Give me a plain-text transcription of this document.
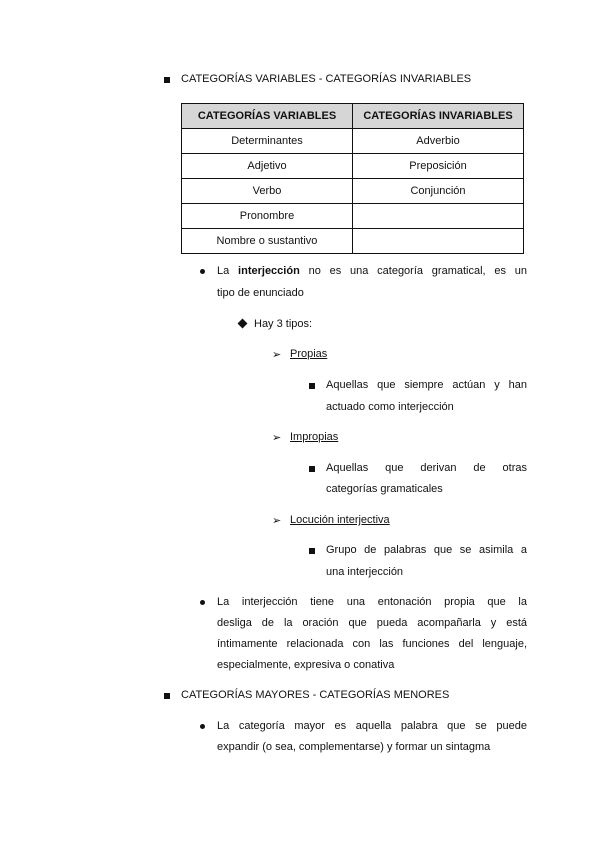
CATEGORÍAS VARIABLES - CATEGORÍAS INVARIABLES
CATEGORÍAS VARIABLES	CATEGORÍAS INVARIABLES
Determinantes	Adverbio
Adjetivo	Preposición
Verbo	Conjunción
Pronombre	
Nombre o sustantivo	
La interjección no es una categoría gramatical, es un
tipo de enunciado
Hay 3 tipos:
➢ Propias
Aquellas que siempre actúan y han
actuado como interjección
➢ Impropias
Aquellas que derivan de otras
categorías gramaticales
➢ Locución interjectiva
Grupo de palabras que se asimila a
una interjección
La interjección tiene una entonación propia que la
desliga de la oración que pueda acompañarla y está
íntimamente relacionada con las funciones del lenguaje,
especialmente, expresiva o conativa
CATEGORÍAS MAYORES - CATEGORÍAS MENORES
La categoría mayor es aquella palabra que se puede
expandir (o sea, complementarse) y formar un sintagma
